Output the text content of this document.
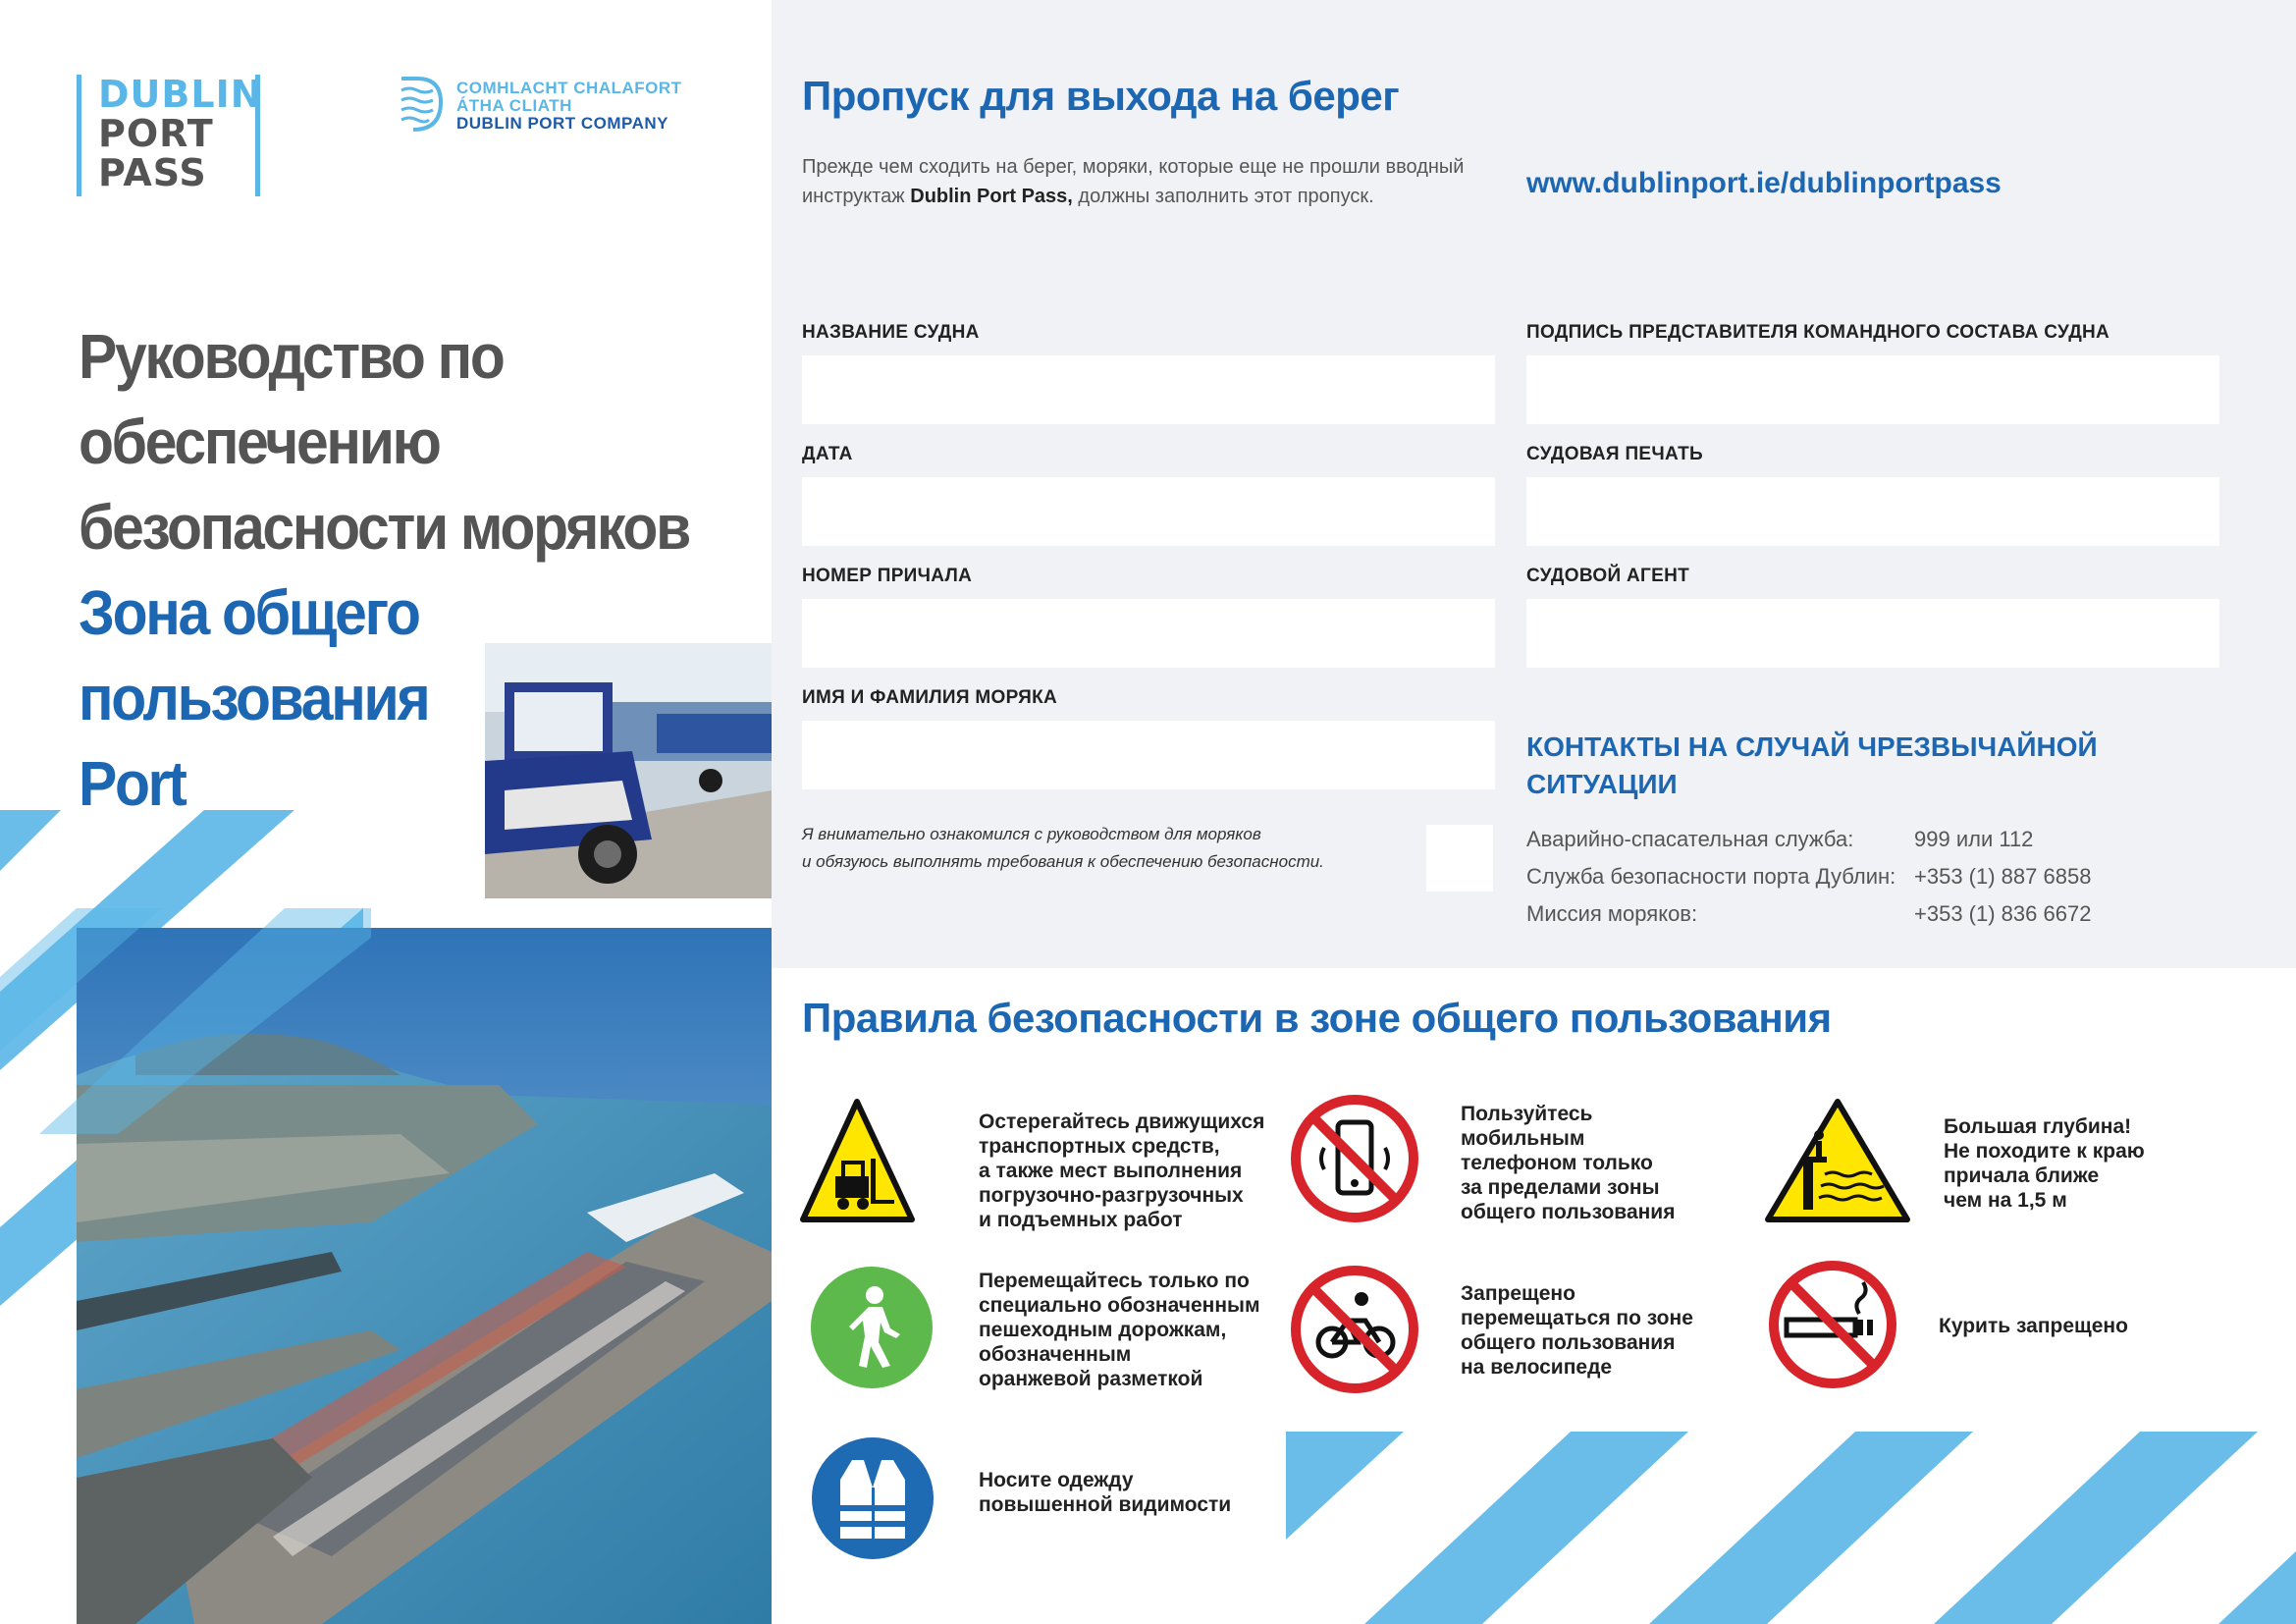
DUBLIN
PORT
PASS
COMHLACHT CHALAFORT
ÁTHA CLIATH
DUBLIN PORT COMPANY
Руководство по
обеспечению
безопасности моряков
Зона общего
пользования
Port
Пропуск для выхода на берег
Прежде чем сходить на берег, моряки, которые еще не прошли вводный инструктаж Dublin Port Pass, должны заполнить этот пропуск.	www.dublinport.ie/dublinportpass
НАЗВАНИЕ СУДНА
ДАТА
НОМЕР ПРИЧАЛА
ИМЯ И ФАМИЛИЯ МОРЯКА
ПОДПИСЬ ПРЕДСТАВИТЕЛЯ КОМАНДНОГО СОСТАВА СУДНА
СУДОВАЯ ПЕЧАТЬ
СУДОВОЙ АГЕНТ
Я внимательно ознакомился с руководством для моряков
и обязуюсь выполнять требования к обеспечению безопасности.
КОНТАКТЫ НА СЛУЧАЙ ЧРЕЗВЫЧАЙНОЙ СИТУАЦИИ
Аварийно-спасательная служба:	999 или 112
Служба безопасности порта Дублин: +353 (1) 887 6858
Миссия моряков:	+353 (1) 836 6672
Правила безопасности в зоне общего пользования
Остерегайтесь движущихся
транспортных средств,
а также мест выполнения
погрузочно-разгрузочных
и подъемных работ
Пользуйтесь
мобильным
телефоном только
за пределами зоны
общего пользования
Большая глубина!
Не походите к краю
причала ближе
чем на 1,5 м
Перемещайтесь только по
специально обозначенным
пешеходным дорожкам,
обозначенным
оранжевой разметкой
Запрещено
перемещаться по зоне
общего пользования
на велосипеде
Курить запрещено
Носите одежду
повышенной видимости
